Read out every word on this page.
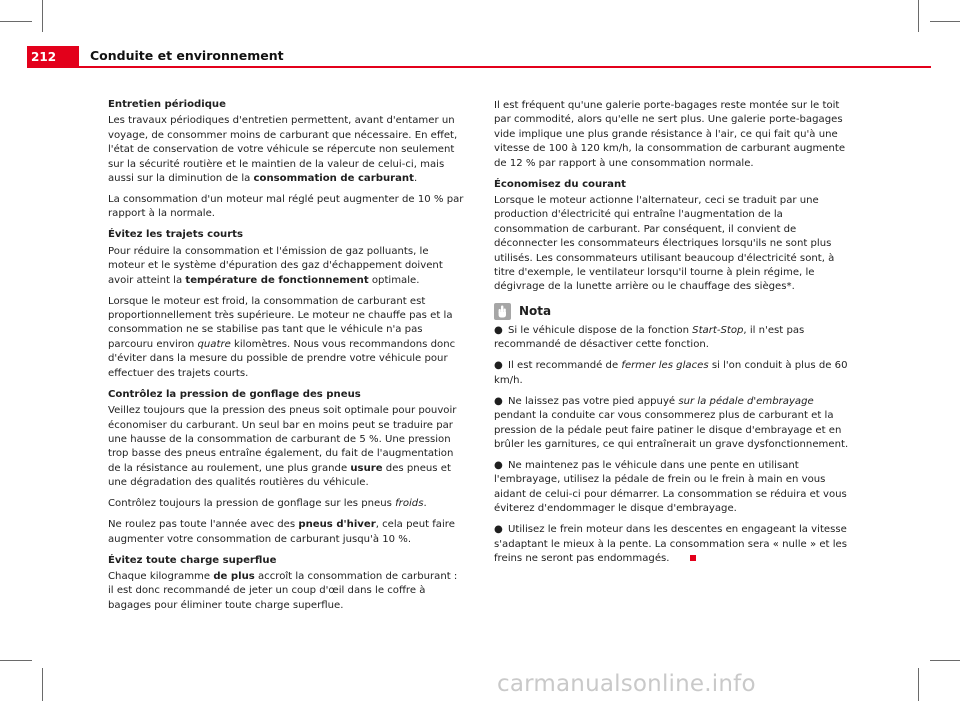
212	Conduite et environnement
Entretien périodique

Les travaux périodiques d'entretien permettent, avant d'entamer un voyage, de consommer moins de carburant que nécessaire. En effet, l'état de conservation de votre véhicule se répercute non seulement sur la sécurité routière et le maintien de la valeur de celui-ci, mais aussi sur la diminution de la consommation de carburant.

La consommation d'un moteur mal réglé peut augmenter de 10 % par rapport à la normale.

Évitez les trajets courts

Pour réduire la consommation et l'émission de gaz polluants, le moteur et le système d'épuration des gaz d'échappement doivent avoir atteint la température de fonctionnement optimale.

Lorsque le moteur est froid, la consommation de carburant est proportionnellement très supérieure. Le moteur ne chauffe pas et la consommation ne se stabilise pas tant que le véhicule n'a pas parcouru environ quatre kilomètres. Nous vous recommandons donc d'éviter dans la mesure du possible de prendre votre véhicule pour effectuer des trajets courts.

Contrôlez la pression de gonflage des pneus

Veillez toujours que la pression des pneus soit optimale pour pouvoir économiser du carburant. Un seul bar en moins peut se traduire par une hausse de la consommation de carburant de 5 %. Une pression trop basse des pneus entraîne également, du fait de l'augmentation de la résistance au roulement, une plus grande usure des pneus et une dégradation des qualités routières du véhicule.

Contrôlez toujours la pression de gonflage sur les pneus froids.

Ne roulez pas toute l'année avec des pneus d'hiver, cela peut faire augmenter votre consommation de carburant jusqu'à 10 %.

Évitez toute charge superflue

Chaque kilogramme de plus accroît la consommation de carburant : il est donc recommandé de jeter un coup d'œil dans le coffre à bagages pour éliminer toute charge superflue.

Il est fréquent qu'une galerie porte-bagages reste montée sur le toit par commodité, alors qu'elle ne sert plus. Une galerie porte-bagages vide implique une plus grande résistance à l'air, ce qui fait qu'à une vitesse de 100 à 120 km/h, la consommation de carburant augmente de 12 % par rapport à une consommation normale.

Économisez du courant

Lorsque le moteur actionne l'alternateur, ceci se traduit par une production d'électricité qui entraîne l'augmentation de la consommation de carburant. Par conséquent, il convient de déconnecter les consommateurs électriques lorsqu'ils ne sont plus utilisés. Les consommateurs utilisant beaucoup d'électricité sont, à titre d'exemple, le ventilateur lorsqu'il tourne à plein régime, le dégivrage de la lunette arrière ou le chauffage des sièges*.

Nota

● Si le véhicule dispose de la fonction Start-Stop, il n'est pas recommandé de désactiver cette fonction.

● Il est recommandé de fermer les glaces si l'on conduit à plus de 60 km/h.

● Ne laissez pas votre pied appuyé sur la pédale d'embrayage pendant la conduite car vous consommerez plus de carburant et la pression de la pédale peut faire patiner le disque d'embrayage et en brûler les garnitures, ce qui entraînerait un grave dysfonctionnement.

● Ne maintenez pas le véhicule dans une pente en utilisant l'embrayage, utilisez la pédale de frein ou le frein à main en vous aidant de celui-ci pour démarrer. La consommation se réduira et vous éviterez d'endommager le disque d'embrayage.

● Utilisez le frein moteur dans les descentes en engageant la vitesse s'adaptant le mieux à la pente. La consommation sera « nulle » et les freins ne seront pas endommagés.

carmanualsonline.info
